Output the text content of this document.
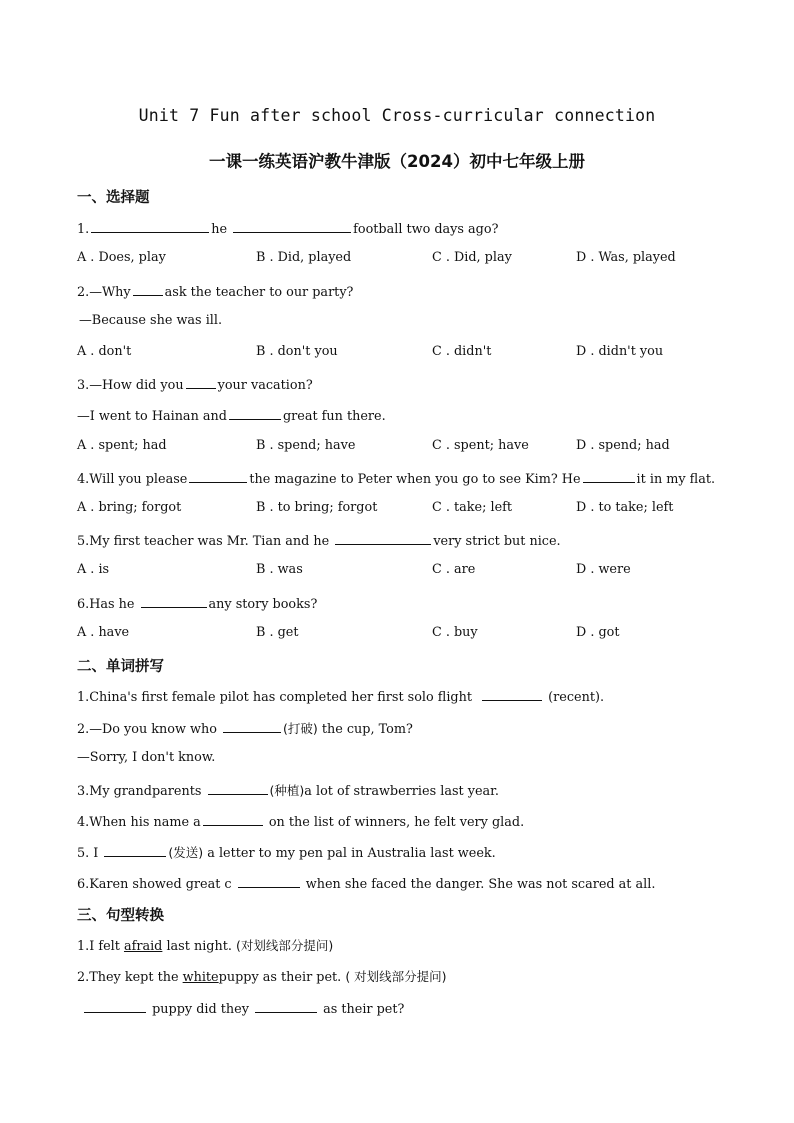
Unit 7 Fun after school Cross-curricular connection
一课一练英语沪教牛津版（2024）初中七年级上册
一、选择题
1.	he	football two days ago?
A . Does, play	B . Did, played	C . Did, play	D . Was, played
2.—Why	ask the teacher to our party?
—Because she was ill.
A . don't	B . don't you	C . didn't	D . didn't you
3.—How did you	your vacation?
—I went to Hainan and	great fun there.
A . spent; had	B . spend; have	C . spent; have	D . spend; had
4.Will you please	the magazine to Peter when you go to see Kim? He	it in my flat.
A . bring; forgot	B . to bring; forgot	C . take; left	D . to take; left
5.My first teacher was Mr. Tian and he	very strict but nice.
A . is	B . was	C . are	D . were
6.Has he	any story books?
A . have	B . get	C . buy	D . got
二、单词拼写
1.China's first female pilot has completed her first solo flight	(recent).
2.—Do you know who	(打破) the cup, Tom?
—Sorry, I don't know.
3.My grandparents	(种植)a lot of strawberries last year.
4.When his name a	on the list of winners, he felt very glad.
5. I	(发送) a letter to my pen pal in Australia last week.
6.Karen showed great c	when she faced the danger. She was not scared at all.
三、句型转换
1.I felt afraid last night. (对划线部分提问)
2.They kept the whitepuppy as their pet. ( 对划线部分提问)
puppy did they	as their pet?
